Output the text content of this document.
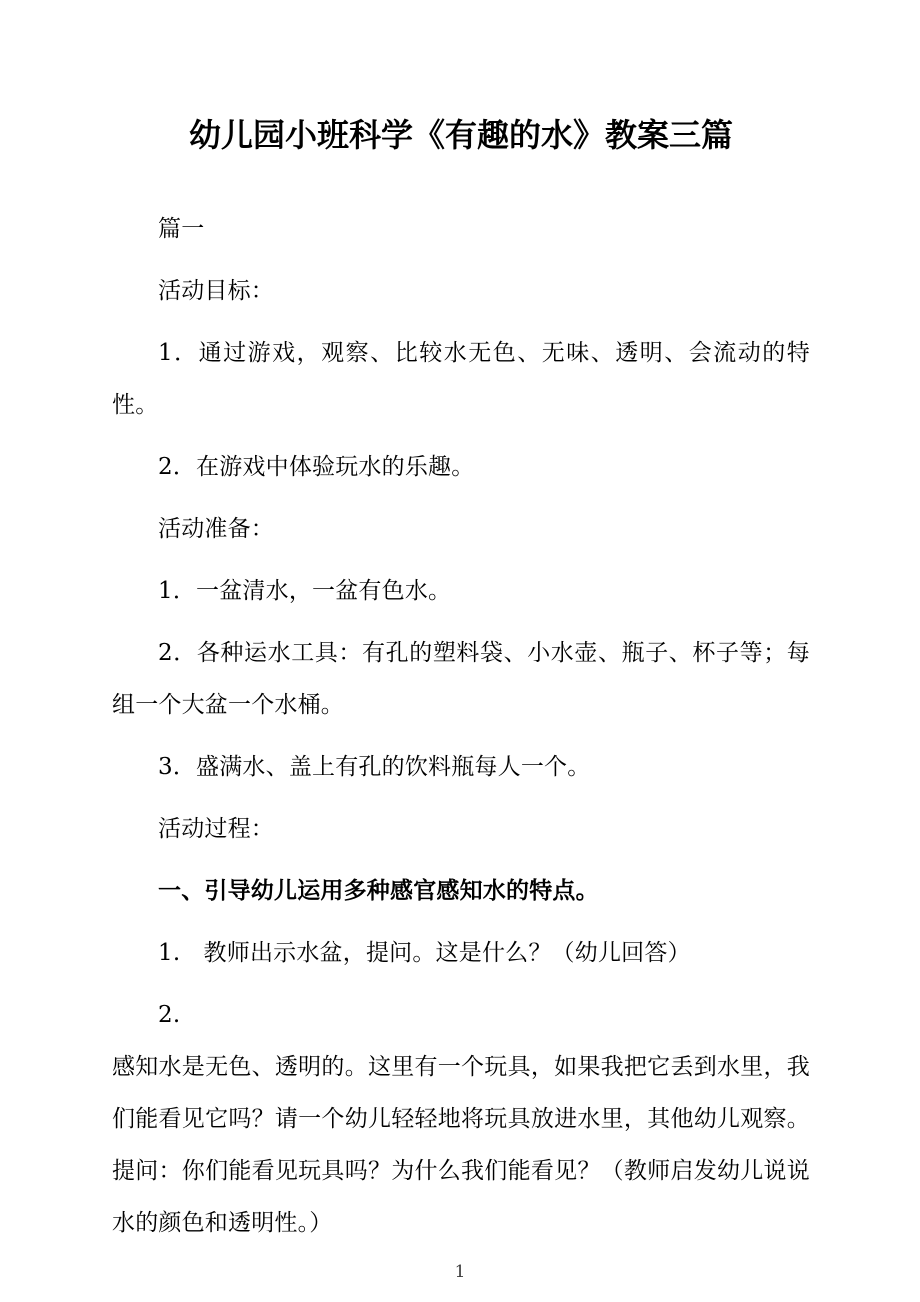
幼儿园小班科学《有趣的水》教案三篇

篇一

活动目标：

1．通过游戏，观察、比较水无色、无味、透明、会流动的特性。

2．在游戏中体验玩水的乐趣。

活动准备：

1．一盆清水，一盆有色水。

2．各种运水工具：有孔的塑料袋、小水壶、瓶子、杯子等；每组一个大盆一个水桶。

3．盛满水、盖上有孔的饮料瓶每人一个。

活动过程：

一、引导幼儿运用多种感官感知水的特点。

1.　教师出示水盆，提问。这是什么？（幼儿回答）

2.

感知水是无色、透明的。这里有一个玩具，如果我把它丢到水里，我们能看见它吗？请一个幼儿轻轻地将玩具放进水里，其他幼儿观察。提问：你们能看见玩具吗？为什么我们能看见？（教师启发幼儿说说水的颜色和透明性。）

1
